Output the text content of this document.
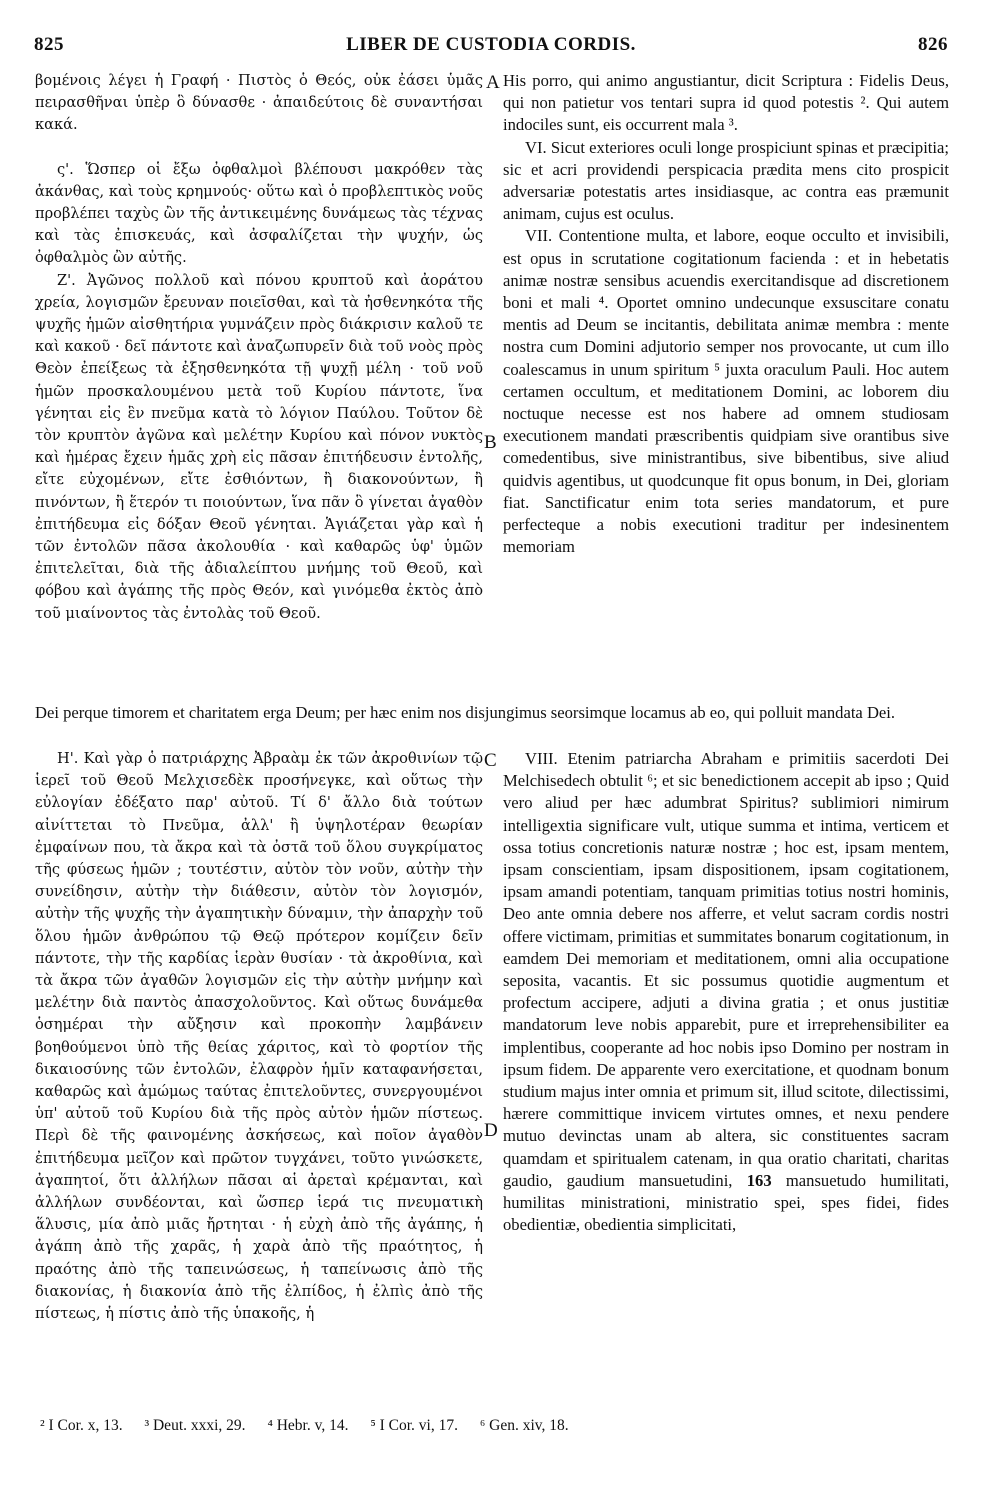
825	LIBER DE CUSTODIA CORDIS.	826

βομένοις λέγει ἡ Γραφή · Πιστὸς ὁ Θεός, οὐκ ἐάσει ὑμᾶς πειρασθῆναι ὑπὲρ ὃ δύνασθε · ἀπαιδεύτοις δὲ συναντήσαι κακά.

ς'. Ὥσπερ οἱ ἔξω ὀφθαλμοὶ βλέπουσι μακρόθεν τὰς ἀκάνθας, καὶ τοὺς κρημνούς· οὕτω καὶ ὁ προβλεπτικὸς νοῦς προβλέπει ταχὺς ὢν τῆς ἀντικειμένης δυνάμεως τὰς τέχνας καὶ τὰς ἐπισκευάς, καὶ ἀσφαλίζεται τὴν ψυχήν, ὡς ὀφθαλμὸς ὢν αὐτῆς.

Ζ'. Ἀγῶνος πολλοῦ καὶ πόνου κρυπτοῦ καὶ ἀοράτου χρεία, λογισμῶν ἔρευναν ποιεῖσθαι, καὶ τὰ ἠσθενηκότα τῆς ψυχῆς ἡμῶν αἰσθητήρια γυμνάζειν πρὸς διάκρισιν καλοῦ τε καὶ κακοῦ · δεῖ πάντοτε καὶ ἀναζωπυρεῖν διὰ τοῦ νοὸς πρὸς Θεὸν ἐπείξεως τὰ ἐξησθενηκότα τῇ ψυχῇ μέλη · τοῦ νοῦ ἡμῶν προσκαλουμένου μετὰ τοῦ Κυρίου πάντοτε, ἵνα γένηται εἰς ἓν πνεῦμα κατὰ τὸ λόγιον Παύλου. Τοῦτον δὲ τὸν κρυπτὸν ἀγῶνα καὶ μελέτην Κυρίου καὶ πόνον νυκτὸς καὶ ἡμέρας ἔχειν ἡμᾶς χρὴ εἰς πᾶσαν ἐπιτήδευσιν ἐντολῆς, εἴτε εὐχομένων, εἴτε ἐσθιόντων, ἢ διακονούντων, ἢ πινόντων, ἢ ἕτερόν τι ποιούντων, ἵνα πᾶν ὃ γίνεται ἀγαθὸν ἐπιτήδευμα εἰς δόξαν Θεοῦ γένηται. Ἁγιάζεται γὰρ καὶ ἡ τῶν ἐντολῶν πᾶσα ἀκολουθία · καὶ καθαρῶς ὑφ' ὑμῶν ἐπιτελεῖται, διὰ τῆς ἀδιαλείπτου μνήμης τοῦ Θεοῦ, καὶ φόβου καὶ ἀγάπης τῆς πρὸς Θεόν, καὶ γινόμεθα ἐκτὸς ἀπὸ τοῦ μιαίνοντος τὰς ἐντολὰς τοῦ Θεοῦ.

A
B

His porro, qui animo angustiantur, dicit Scriptura : Fidelis Deus, qui non patietur vos tentari supra id quod potestis ². Qui autem indociles sunt, eis occurrent mala ³.

VI. Sicut exteriores oculi longe prospiciunt spinas et præcipitia; sic et acri providendi perspicacia prædita mens cito prospicit adversariæ potestatis artes insidiasque, ac contra eas præmunit animam, cujus est oculus.

VII. Contentione multa, et labore, eoque occulto et invisibili, est opus in scrutatione cogitationum facienda : et in hebetatis animæ nostræ sensibus acuendis exercitandisque ad discretionem boni et mali ⁴. Oportet omnino undecunque exsuscitare conatu mentis ad Deum se incitantis, debilitata animæ membra : mente nostra cum Domini adjutorio semper nos provocante, ut cum illo coalescamus in unum spiritum ⁵ juxta oraculum Pauli. Hoc autem certamen occultum, et meditationem Domini, ac loborem diu noctuque necesse est nos habere ad omnem studiosam executionem mandati præscribentis quidpiam sive orantibus sive comedentibus, sive ministrantibus, sive bibentibus, sive aliud quidvis agentibus, ut quodcunque fit opus bonum, in Dei, gloriam fiat. Sanctificatur enim tota series mandatorum, et pure perfecteque a nobis executioni traditur per indesinentem memoriam

Dei perque timorem et charitatem erga Deum; per hæc enim nos disjungimus seorsimque locamus ab eo, qui polluit mandata Dei.

Η'. Καὶ γὰρ ὁ πατριάρχης Ἀβραὰμ ἐκ τῶν ἀκροθινίων τῷ ἱερεῖ τοῦ Θεοῦ Μελχισεδὲκ προσήνεγκε, καὶ οὕτως τὴν εὐλογίαν ἐδέξατο παρ' αὐτοῦ. Τί δ' ἄλλο διὰ τούτων αἰνίττεται τὸ Πνεῦμα, ἀλλ' ἢ ὑψηλοτέραν θεωρίαν ἐμφαίνων που, τὰ ἄκρα καὶ τὰ ὀστᾶ τοῦ ὅλου συγκρίματος τῆς φύσεως ἡμῶν ; τουτέστιν, αὐτὸν τὸν νοῦν, αὐτὴν τὴν συνείδησιν, αὐτὴν τὴν διάθεσιν, αὐτὸν τὸν λογισμόν, αὐτὴν τῆς ψυχῆς τὴν ἀγαπητικὴν δύναμιν, τὴν ἀπαρχὴν τοῦ ὅλου ἡμῶν ἀνθρώπου τῷ Θεῷ πρότερον κομίζειν δεῖν πάντοτε, τὴν τῆς καρδίας ἱερὰν θυσίαν · τὰ ἀκροθίνια, καὶ τὰ ἄκρα τῶν ἀγαθῶν λογισμῶν εἰς τὴν αὐτὴν μνήμην καὶ μελέτην διὰ παντὸς ἀπασχολοῦντος. Καὶ οὕτως δυνάμεθα ὁσημέραι τὴν αὔξησιν καὶ προκοπὴν λαμβάνειν βοηθούμενοι ὑπὸ τῆς θείας χάριτος, καὶ τὸ φορτίον τῆς δικαιοσύνης τῶν ἐντολῶν, ἐλαφρὸν ἡμῖν καταφανήσεται, καθαρῶς καὶ ἀμώμως ταύτας ἐπιτελοῦντες, συνεργουμένοι ὑπ' αὐτοῦ τοῦ Κυρίου διὰ τῆς πρὸς αὐτὸν ἡμῶν πίστεως. Περὶ δὲ τῆς φαινομένης ἀσκήσεως, καὶ ποῖον ἀγαθὸν ἐπιτήδευμα μεῖζον καὶ πρῶτον τυγχάνει, τοῦτο γινώσκετε, ἀγαπητοί, ὅτι ἀλλήλων πᾶσαι αἱ ἀρεταὶ κρέμανται, καὶ ἀλλήλων συνδέονται, καὶ ὥσπερ ἱερά τις πνευματικὴ ἅλυσις, μία ἀπὸ μιᾶς ἤρτηται · ἡ εὐχὴ ἀπὸ τῆς ἀγάπης, ἡ ἀγάπη ἀπὸ τῆς χαρᾶς, ἡ χαρὰ ἀπὸ τῆς πραότητος, ἡ πραότης ἀπὸ τῆς ταπεινώσεως, ἡ ταπείνωσις ἀπὸ τῆς διακονίας, ἡ διακονία ἀπὸ τῆς ἐλπίδος, ἡ ἐλπὶς ἀπὸ τῆς πίστεως, ἡ πίστις ἀπὸ τῆς ὑπακοῆς, ἡ

C
D

VIII. Etenim patriarcha Abraham e primitiis sacerdoti Dei Melchisedech obtulit ⁶; et sic benedictionem accepit ab ipso ; Quid vero aliud per hæc adumbrat Spiritus? sublimiori nimirum intelligextia significare vult, utique summa et intima, verticem et ossa totius concretionis naturæ nostræ ; hoc est, ipsam mentem, ipsam conscientiam, ipsam dispositionem, ipsam cogitationem, ipsam amandi potentiam, tanquam primitias totius nostri hominis, Deo ante omnia debere nos afferre, et velut sacram cordis nostri offere victimam, primitias et summitates bonarum cogitationum, in eamdem Dei memoriam et meditationem, omni alia occupatione seposita, vacantis. Et sic possumus quotidie augmentum et profectum accipere, adjuti a divina gratia ; et onus justitiæ mandatorum leve nobis apparebit, pure et irreprehensibiliter ea implentibus, cooperante ad hoc nobis ipso Domino per nostram in ipsum fidem. De apparente vero exercitatione, et quodnam bonum studium majus inter omnia et primum sit, illud scitote, dilectissimi, hærere committique invicem virtutes omnes, et nexu pendere mutuo devinctas unam ab altera, sic constituentes sacram quamdam et spiritualem catenam, in qua oratio charitati, charitas gaudio, gaudium mansuetudini, 163 mansuetudo humilitati, humilitas ministrationi, ministratio spei, spes fidei, fides obedientiæ, obedientia simplicitati,

² I Cor. x, 13. ³ Deut. xxxi, 29. ⁴ Hebr. v, 14. ⁵ I Cor. vi, 17. ⁶ Gen. xiv, 18.
